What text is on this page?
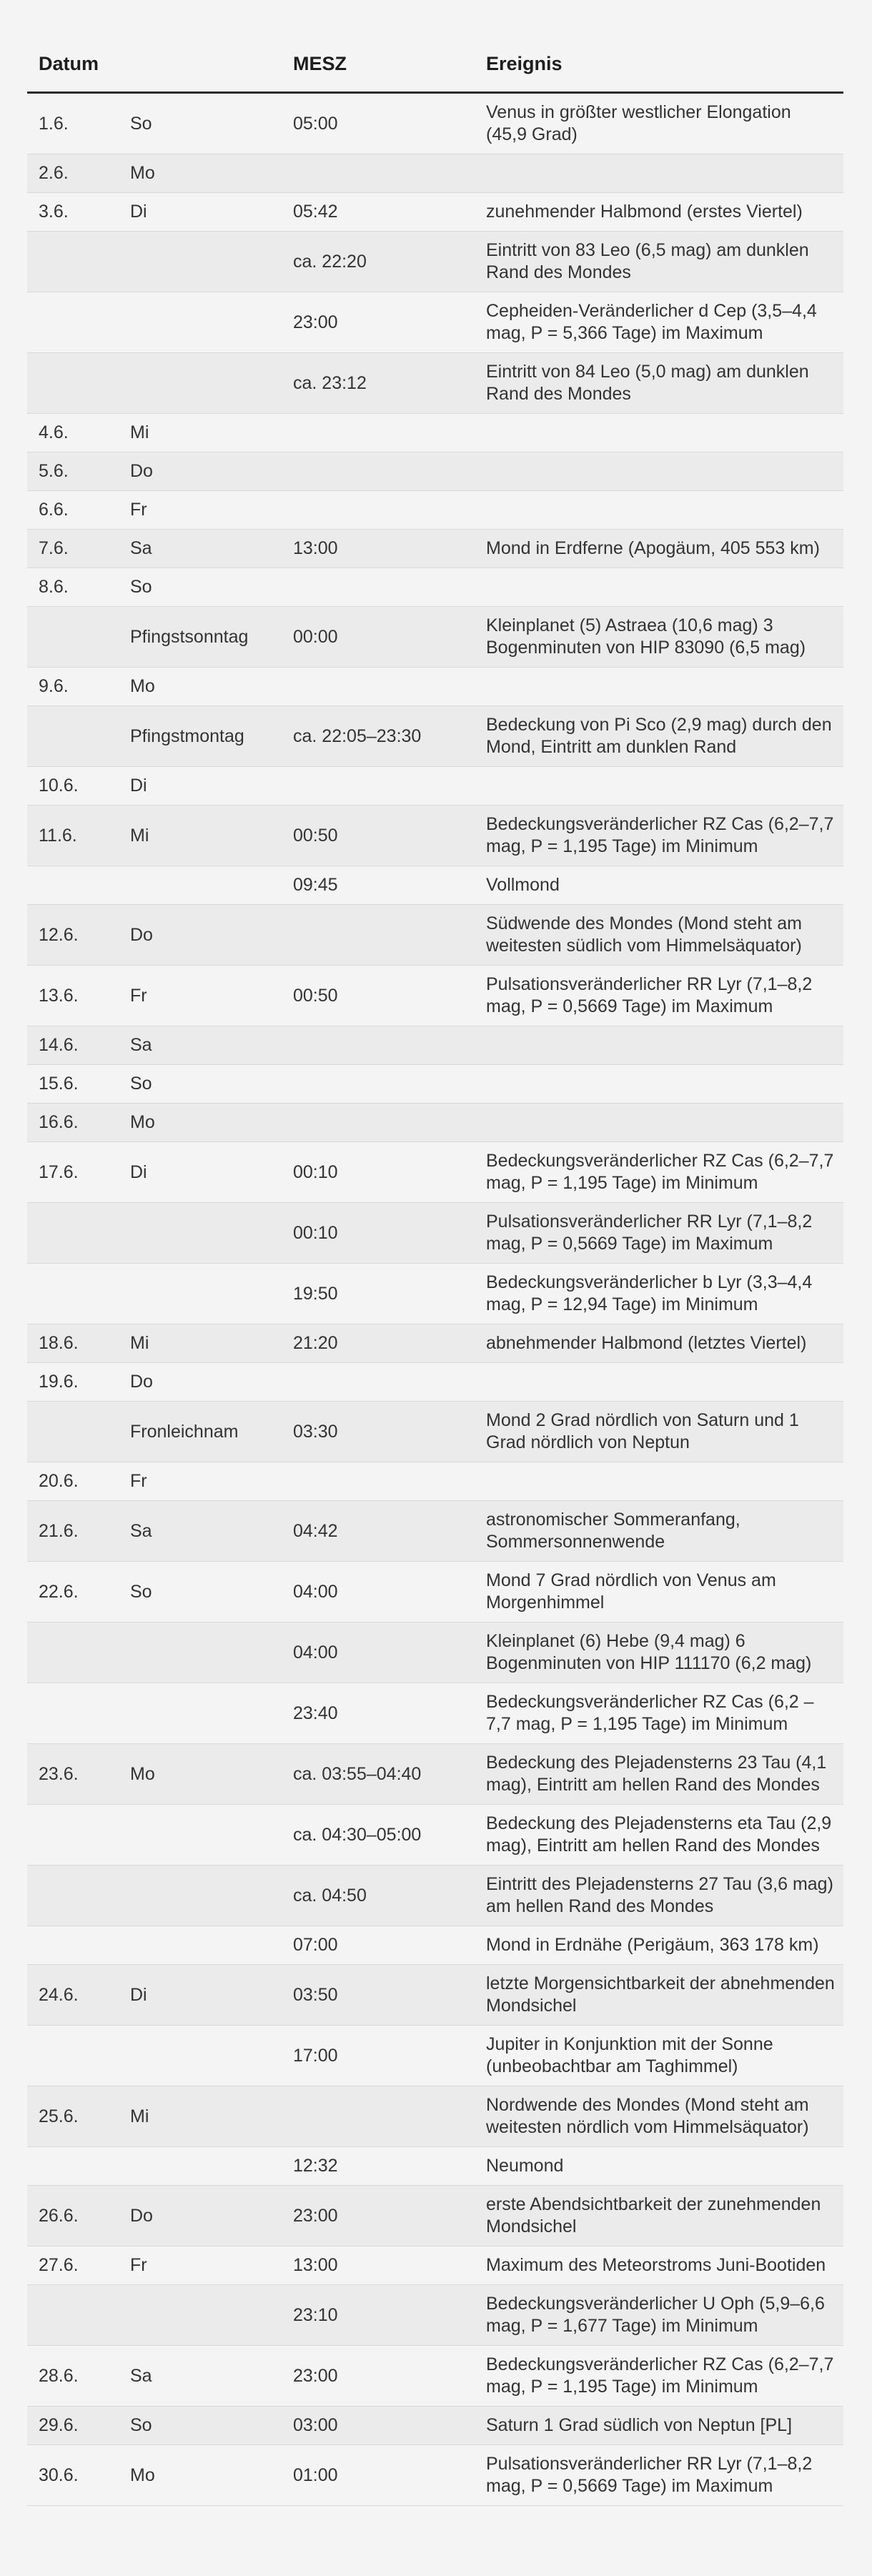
Datum		MESZ	Ereignis
1.6.	So	05:00	Venus in größter westlicher Elongation (45,9 Grad)
2.6.	Mo		
3.6.	Di	05:42	zunehmender Halbmond (erstes Viertel)
		ca. 22:20	Eintritt von 83 Leo (6,5 mag) am dunklen Rand des Mondes
		23:00	Cepheiden-Veränderlicher d Cep (3,5–4,4 mag, P = 5,366 Tage) im Maximum
		ca. 23:12	Eintritt von 84 Leo (5,0 mag) am dunklen Rand des Mondes
4.6.	Mi		
5.6.	Do		
6.6.	Fr		
7.6.	Sa	13:00	Mond in Erdferne (Apogäum, 405 553 km)
8.6.	So		
	Pfingstsonntag	00:00	Kleinplanet (5) Astraea (10,6 mag) 3 Bogenminuten von HIP 83090 (6,5 mag)
9.6.	Mo		
	Pfingstmontag	ca. 22:05–23:30	Bedeckung von Pi Sco (2,9 mag) durch den Mond, Eintritt am dunklen Rand
10.6.	Di		
11.6.	Mi	00:50	Bedeckungsveränderlicher RZ Cas (6,2–7,7 mag, P = 1,195 Tage) im Minimum
		09:45	Vollmond
12.6.	Do		Südwende des Mondes (Mond steht am weitesten südlich vom Himmelsäquator)
13.6.	Fr	00:50	Pulsationsveränderlicher RR Lyr (7,1–8,2 mag, P = 0,5669 Tage) im Maximum
14.6.	Sa		
15.6.	So		
16.6.	Mo		
17.6.	Di	00:10	Bedeckungsveränderlicher RZ Cas (6,2–7,7 mag, P = 1,195 Tage) im Minimum
		00:10	Pulsationsveränderlicher RR Lyr (7,1–8,2 mag, P = 0,5669 Tage) im Maximum
		19:50	Bedeckungsveränderlicher b Lyr (3,3–4,4 mag, P = 12,94 Tage) im Minimum
18.6.	Mi	21:20	abnehmender Halbmond (letztes Viertel)
19.6.	Do		
	Fronleichnam	03:30	Mond 2 Grad nördlich von Saturn und 1 Grad nördlich von Neptun
20.6.	Fr		
21.6.	Sa	04:42	astronomischer Sommeranfang, Sommersonnenwende
22.6.	So	04:00	Mond 7 Grad nördlich von Venus am Morgenhimmel
		04:00	Kleinplanet (6) Hebe (9,4 mag) 6 Bogenminuten von HIP 111170 (6,2 mag)
		23:40	Bedeckungsveränderlicher RZ Cas (6,2 – 7,7 mag, P = 1,195 Tage) im Minimum
23.6.	Mo	ca. 03:55–04:40	Bedeckung des Plejadensterns 23 Tau (4,1 mag), Eintritt am hellen Rand des Mondes
		ca. 04:30–05:00	Bedeckung des Plejadensterns eta Tau (2,9 mag), Eintritt am hellen Rand des Mondes
		ca. 04:50	Eintritt des Plejadensterns 27 Tau (3,6 mag) am hellen Rand des Mondes
		07:00	Mond in Erdnähe (Perigäum, 363 178 km)
24.6.	Di	03:50	letzte Morgensichtbarkeit der abnehmenden Mondsichel
		17:00	Jupiter in Konjunktion mit der Sonne (unbeobachtbar am Taghimmel)
25.6.	Mi		Nordwende des Mondes (Mond steht am weitesten nördlich vom Himmelsäquator)
		12:32	Neumond
26.6.	Do	23:00	erste Abendsichtbarkeit der zunehmenden Mondsichel
27.6.	Fr	13:00	Maximum des Meteorstroms Juni-Bootiden
		23:10	Bedeckungsveränderlicher U Oph (5,9–6,6 mag, P = 1,677 Tage) im Minimum
28.6.	Sa	23:00	Bedeckungsveränderlicher RZ Cas (6,2–7,7 mag, P = 1,195 Tage) im Minimum
29.6.	So	03:00	Saturn 1 Grad südlich von Neptun [PL]
30.6.	Mo	01:00	Pulsationsveränderlicher RR Lyr (7,1–8,2 mag, P = 0,5669 Tage) im Maximum
